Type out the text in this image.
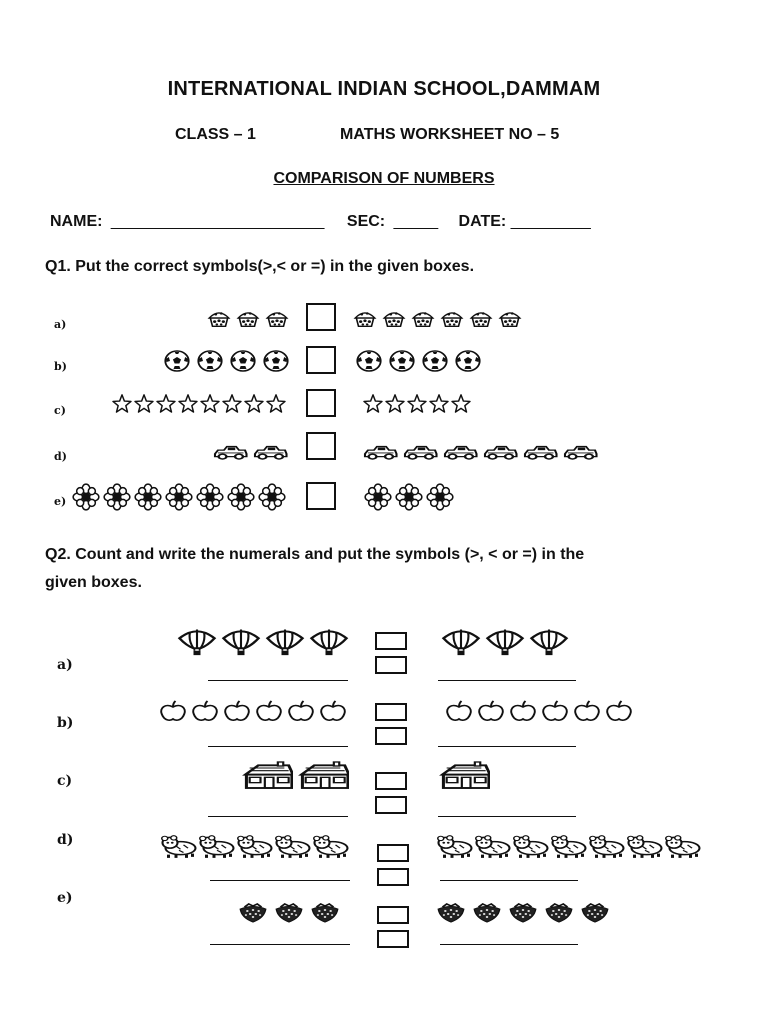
INTERNATIONAL INDIAN SCHOOL,DAMMAM
CLASS – 1	MATHS WORKSHEET NO – 5
COMPARISON OF NUMBERS
NAME: ________________________ SEC: _____ DATE: _________
Q1. Put the correct symbols(>,< or =) in the given boxes.
a)
b)
c)
d)
e)
Q2. Count and write the numerals and put the symbols (>, < or =) in the
given boxes.
a)
b)
c)
d)
e)
